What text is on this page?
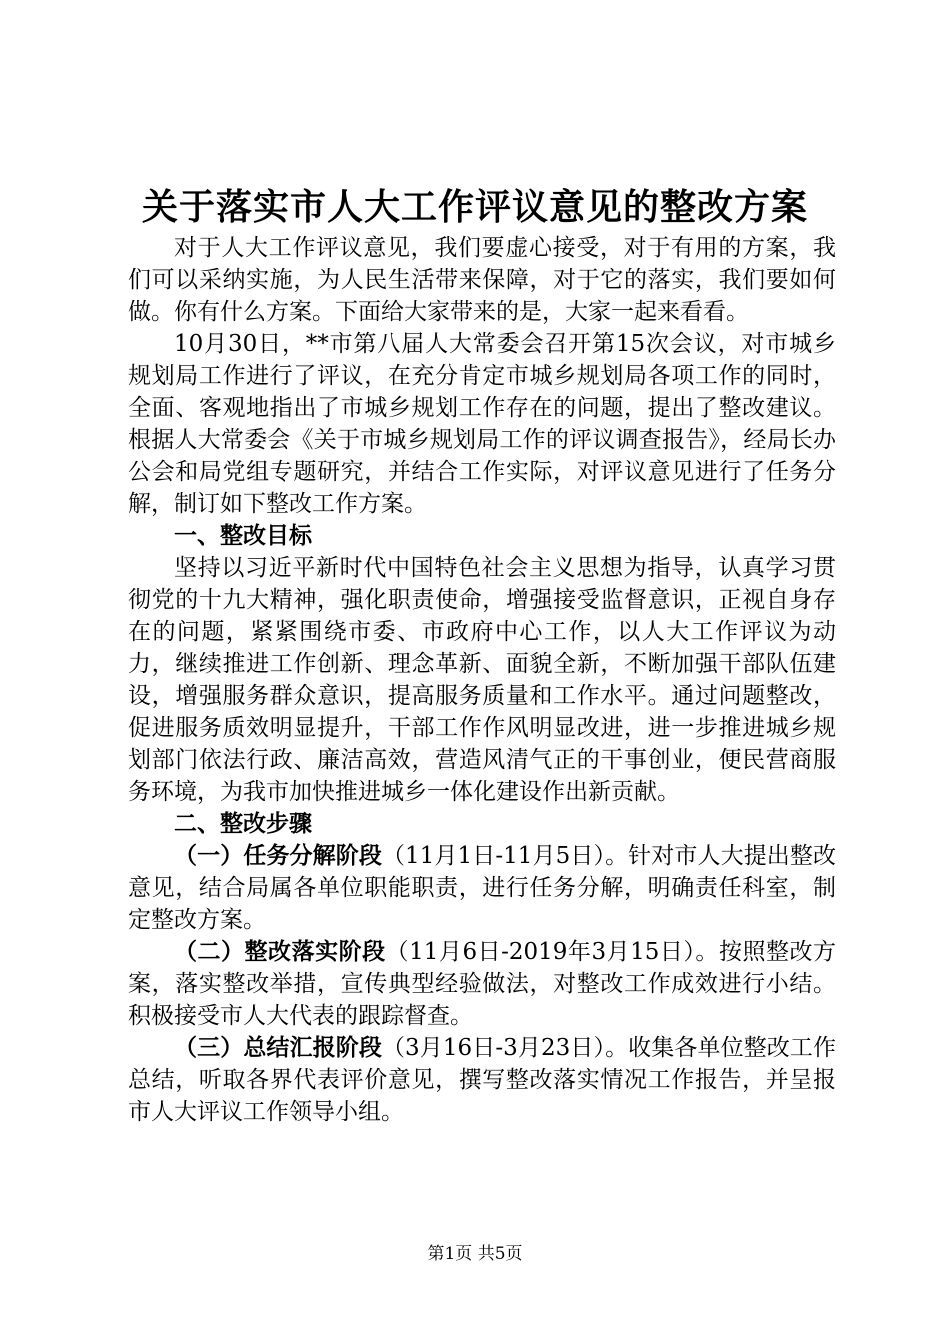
关于落实市人大工作评议意见的整改方案

对于人大工作评议意见，我们要虚心接受，对于有用的方案，我们可以采纳实施，为人民生活带来保障，对于它的落实，我们要如何做。你有什么方案。下面给大家带来的是，大家一起来看看。

10月30日，**市第八届人大常委会召开第15次会议，对市城乡规划局工作进行了评议，在充分肯定市城乡规划局各项工作的同时，全面、客观地指出了市城乡规划工作存在的问题，提出了整改建议。根据人大常委会《关于市城乡规划局工作的评议调查报告》，经局长办公会和局党组专题研究，并结合工作实际，对评议意见进行了任务分解，制订如下整改工作方案。

一、整改目标

坚持以习近平新时代中国特色社会主义思想为指导，认真学习贯彻党的十九大精神，强化职责使命，增强接受监督意识，正视自身存在的问题，紧紧围绕市委、市政府中心工作，以人大工作评议为动力，继续推进工作创新、理念革新、面貌全新，不断加强干部队伍建设，增强服务群众意识，提高服务质量和工作水平。通过问题整改，促进服务质效明显提升，干部工作作风明显改进，进一步推进城乡规划部门依法行政、廉洁高效，营造风清气正的干事创业，便民营商服务环境，为我市加快推进城乡一体化建设作出新贡献。

二、整改步骤

（一）任务分解阶段（11月1日-11月5日）。针对市人大提出整改意见，结合局属各单位职能职责，进行任务分解，明确责任科室，制定整改方案。

（二）整改落实阶段（11月6日-2019年3月15日）。按照整改方案，落实整改举措，宣传典型经验做法，对整改工作成效进行小结。积极接受市人大代表的跟踪督查。

（三）总结汇报阶段（3月16日-3月23日）。收集各单位整改工作总结，听取各界代表评价意见，撰写整改落实情况工作报告，并呈报市人大评议工作领导小组。

第1页 共5页
